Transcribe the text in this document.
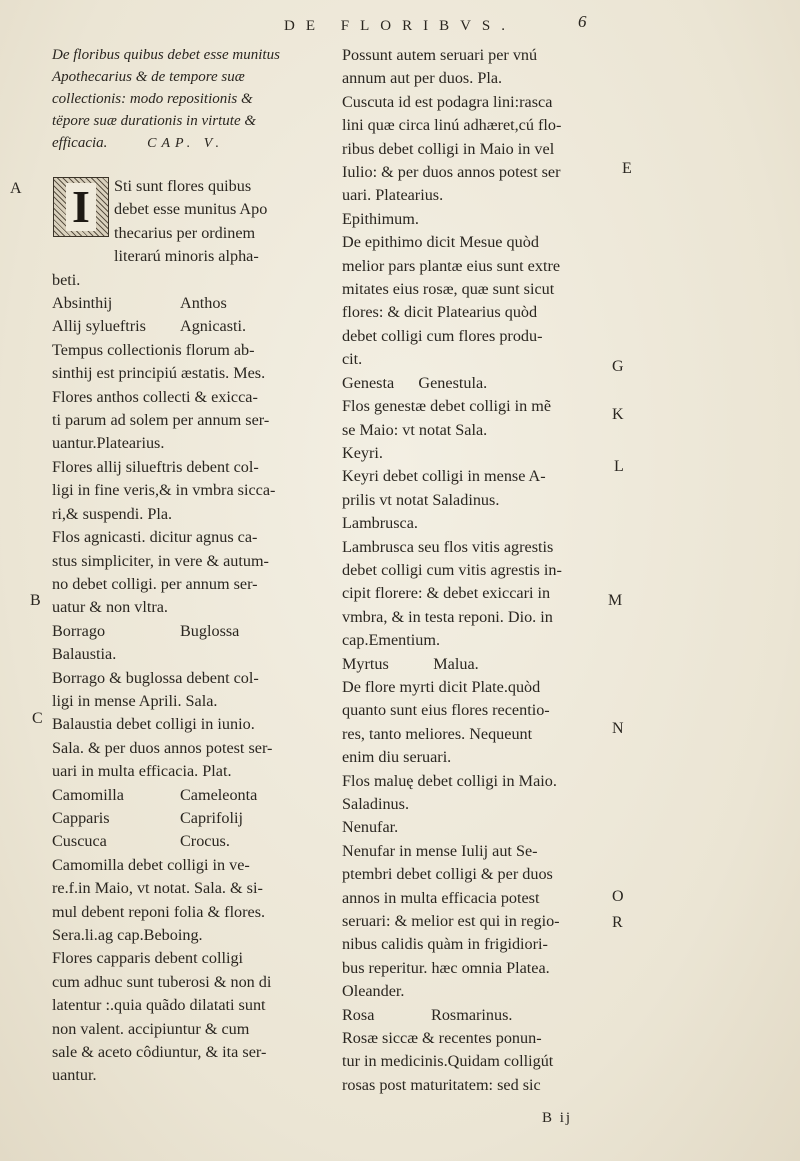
DE FLORIBVS.	6
De floribus quibus debet esse munitus
Apothecarius & de tempore suæ
collectionis: modo repositionis &
tëpore suæ durationis in virtute &
efficacia.	CAP. V.
I	Sti sunt flores quibus
debet esse munitus Apo
thecarius per ordinem
literarú minoris alpha-
beti.
Absinthij	Anthos
Allij sylueftris	Agnicasti.
Tempus collectionis florum ab-
sinthij est principiú æstatis. Mes.
Flores anthos collecti & exicca-
ti parum ad solem per annum ser-
uantur.Platearius.
Flores allij silueftris debent col-
ligi in fine veris,& in vmbra sicca-
ri,& suspendi. Pla.
Flos agnicasti. dicitur agnus ca-
stus simpliciter, in vere & autum-
no debet colligi. per annum ser-
uatur & non vltra.
Borrago	Buglossa
Balaustia.
Borrago & buglossa debent col-
ligi in mense Aprili. Sala.
Balaustia debet colligi in iunio.
Sala. & per duos annos potest ser-
uari in multa efficacia. Plat.
Camomilla	Cameleonta
Capparis	Caprifolij
Cuscuca	Crocus.
Camomilla debet colligi in ve-
re.f.in Maio, vt notat. Sala. & si-
mul debent reponi folia & flores.
Sera.li.ag cap.Beboing.
Flores capparis debent colligi
cum adhuc sunt tuberosi & non di
latentur :.quia quãdo dilatati sunt
non valent. accipiuntur & cum
sale & aceto côdiuntur, & ita ser-
uantur.
Possunt autem seruari per vnú
annum aut per duos. Pla.
Cuscuta id est podagra lini:rasca
lini quæ circa linú adhæret,cú flo-
ribus debet colligi in Maio in vel
Iulio: & per duos annos potest ser
uari. Platearius.
Epithimum.
De epithimo dicit Mesue quòd
melior pars plantæ eius sunt extre
mitates eius rosæ, quæ sunt sicut
flores: & dicit Platearius quòd
debet colligi cum flores produ-
cit.
Genesta      Genestula.
Flos genestæ debet colligi in mẽ
se Maio: vt notat Sala.
Keyri.
Keyri debet colligi in mense A-
prilis vt notat Saladinus.
Lambrusca.
Lambrusca seu flos vitis agrestis
debet colligi cum vitis agrestis in-
cipit florere: & debet exiccari in
vmbra, & in testa reponi. Dio. in
cap.Ementium.
Myrtus           Malua.
De flore myrti dicit Plate.quòd
quanto sunt eius flores recentio-
res, tanto meliores. Nequeunt
enim diu seruari.
Flos maluę debet colligi in Maio.
Saladinus.
Nenufar.
Nenufar in mense Iulij aut Se-
ptembri debet colligi & per duos
annos in multa efficacia potest
seruari: & melior est qui in regio-
nibus calidis quàm in frigidiori-
bus reperitur. hæc omnia Platea.
Oleander.
Rosa              Rosmarinus.
Rosæ siccæ & recentes ponun-
tur in medicinis.Quidam colligút
rosas post maturitatem: sed sic
A
B
C
E
G
K
L
M
N
O
R
B ij
